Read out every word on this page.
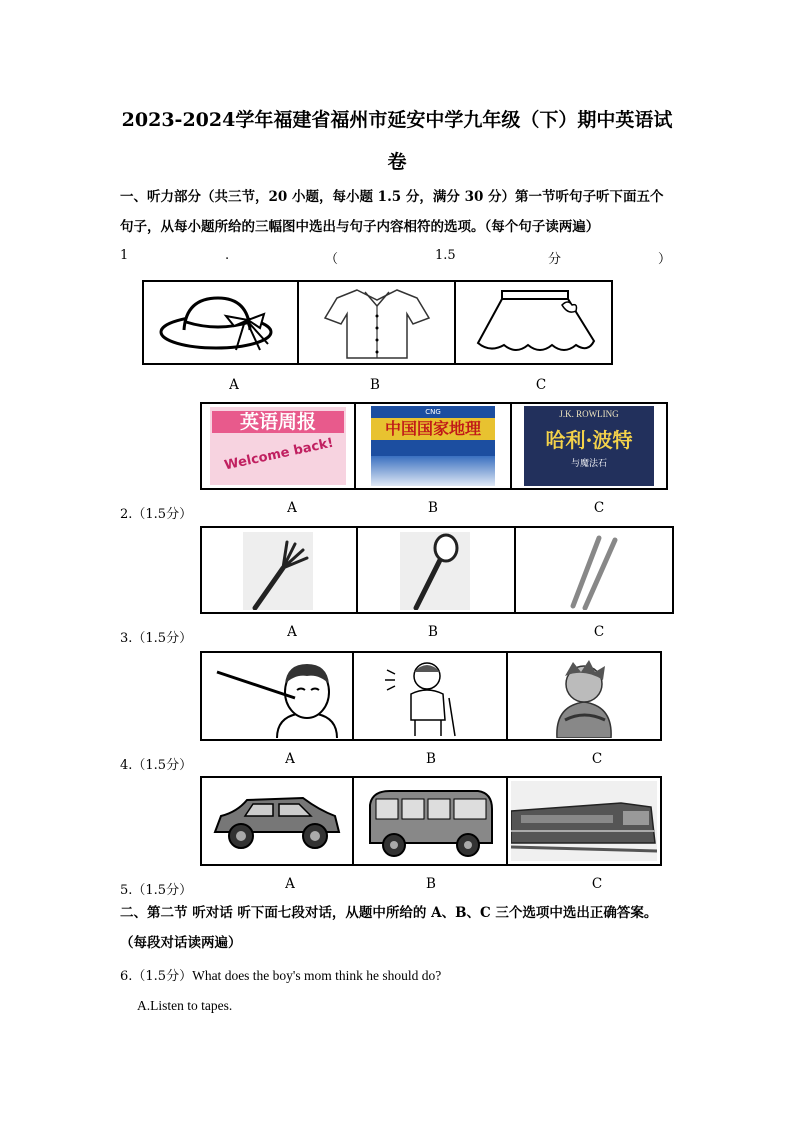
2023-2024学年福建省福州市延安中学九年级（下）期中英语试
卷
一、听力部分（共三节，20 小题，每小题 1.5 分，满分 30 分）第一节听句子听下面五个
句子，从每小题所给的三幅图中选出与句子内容相符的选项。（每个句子读两遍）
1	.	（	1.5	分	）
A	B	C
英语周报
Welcome back!
CNG
中国国家地理
J.K. ROWLING
哈利·波特
与魔法石
2.（1.5分）	A	B	C
3.（1.5分）	A	B	C
4.（1.5分）	A	B	C
5.（1.5分）	A	B	C
二、第二节 听对话 听下面七段对话，从题中所给的 A、B、C 三个选项中选出正确答案。
（每段对话读两遍）
6.（1.5分）What does the boy's mom think he should do?
A.Listen to tapes.
